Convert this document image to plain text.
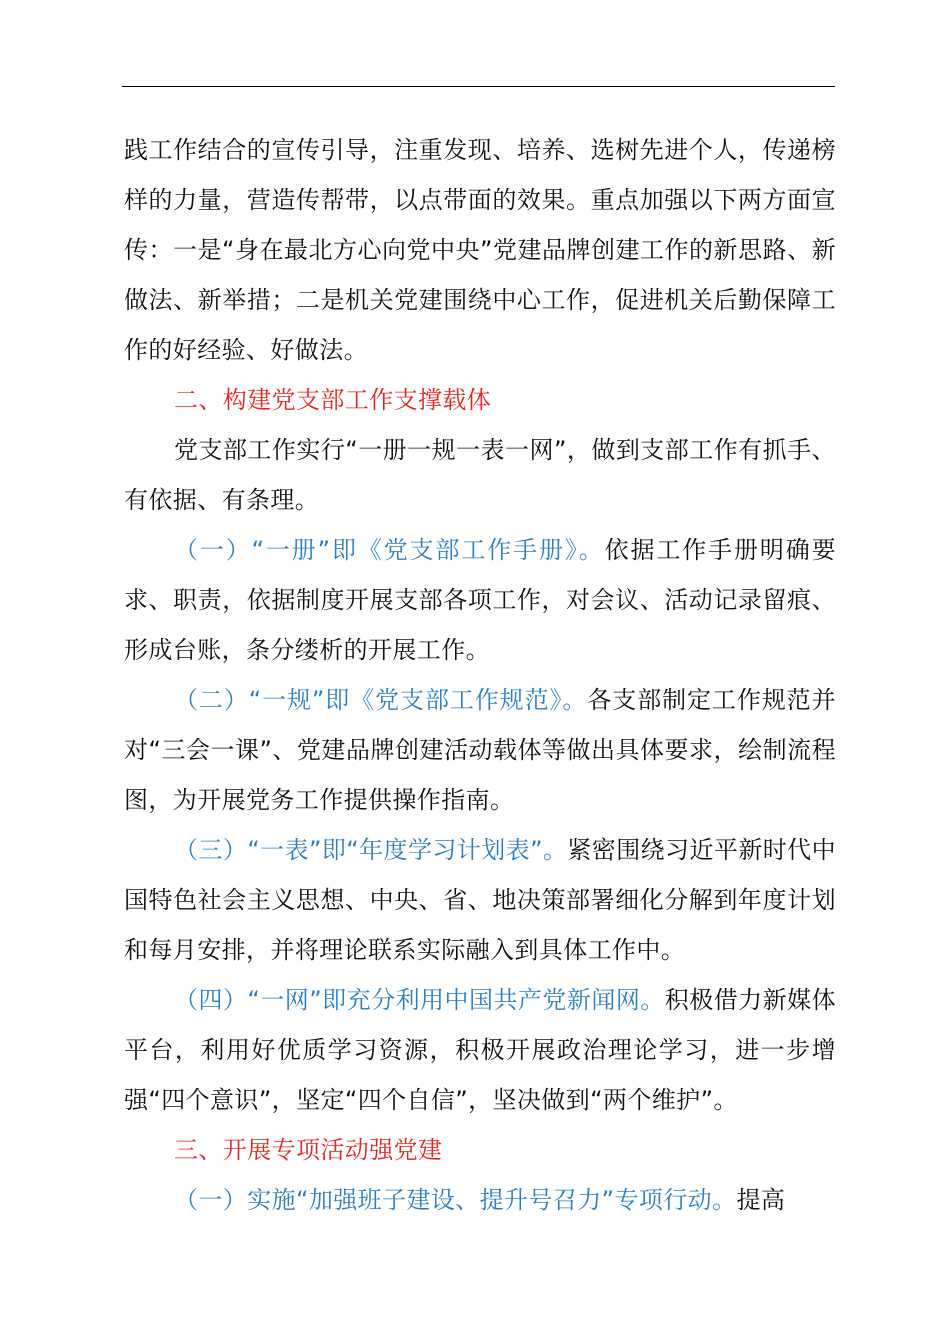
践工作结合的宣传引导，注重发现、培养、选树先进个人，传递榜样的力量，营造传帮带，以点带面的效果。重点加强以下两方面宣传：一是“身在最北方心向党中央”党建品牌创建工作的新思路、新做法、新举措；二是机关党建围绕中心工作，促进机关后勤保障工作的好经验、好做法。

二、构建党支部工作支撑载体

党支部工作实行“一册一规一表一网”，做到支部工作有抓手、有依据、有条理。

（一）“一册”即《党支部工作手册》。依据工作手册明确要求、职责，依据制度开展支部各项工作，对会议、活动记录留痕、形成台账，条分缕析的开展工作。

（二）“一规”即《党支部工作规范》。各支部制定工作规范并对“三会一课”、党建品牌创建活动载体等做出具体要求，绘制流程图，为开展党务工作提供操作指南。

（三）“一表”即“年度学习计划表”。紧密围绕习近平新时代中国特色社会主义思想、中央、省、地决策部署细化分解到年度计划和每月安排，并将理论联系实际融入到具体工作中。

（四）“一网”即充分利用中国共产党新闻网。积极借力新媒体平台，利用好优质学习资源，积极开展政治理论学习，进一步增强“四个意识”，坚定“四个自信”，坚决做到“两个维护”。

三、开展专项活动强党建

（一）实施“加强班子建设、提升号召力”专项行动。提高
